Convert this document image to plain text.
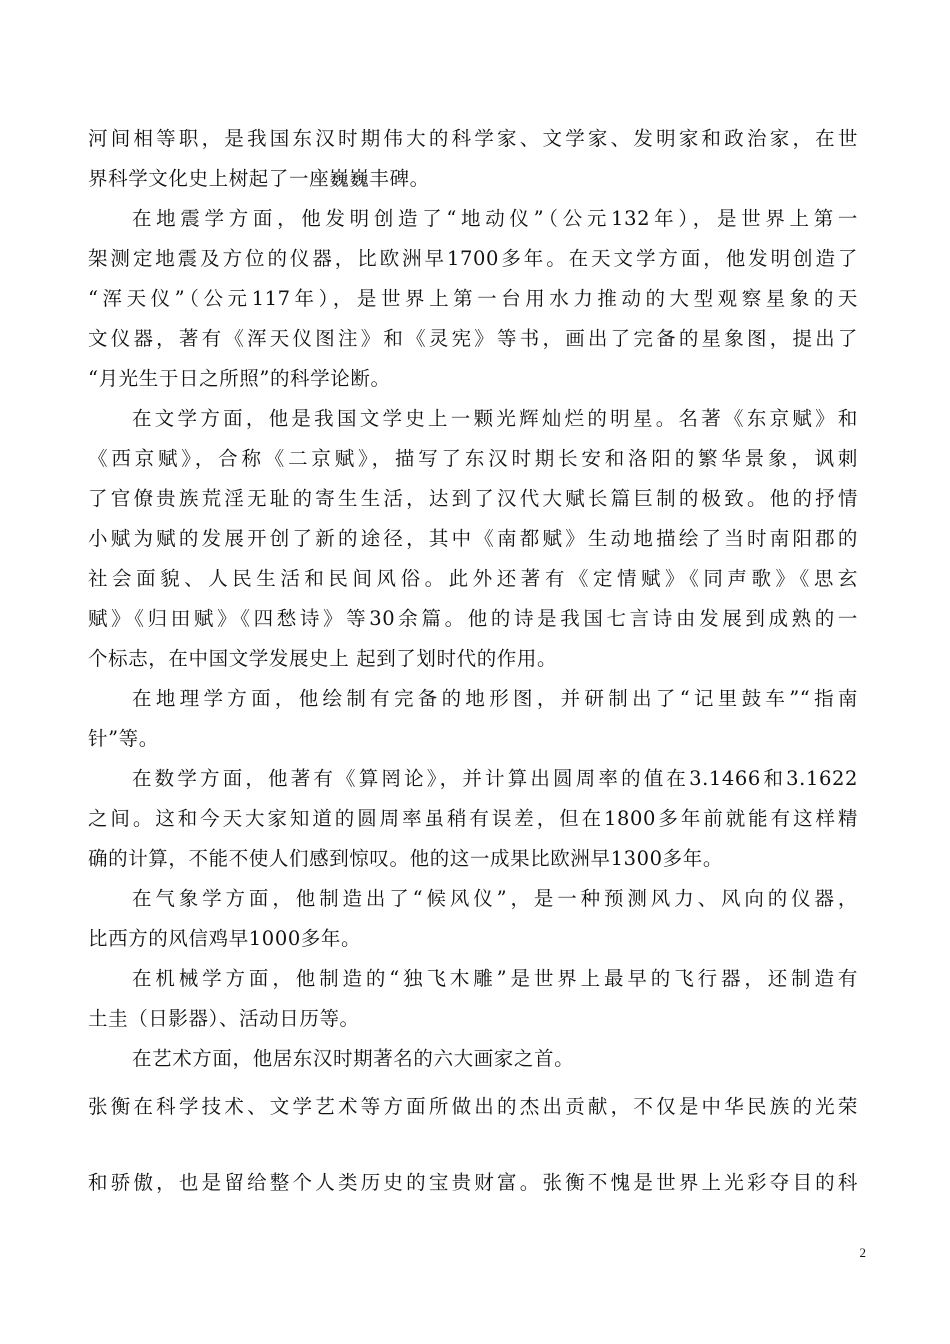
河间相等职，是我国东汉时期伟大的科学家、文学家、发明家和政治家，在世

界科学文化史上树起了一座巍巍丰碑。

在地震学方面，他发明创造了“地动仪”（公元132年），是世界上第一

架测定地震及方位的仪器，比欧洲早1700多年。在天文学方面，他发明创造了

“浑天仪”（公元117年），是世界上第一台用水力推动的大型观察星象的天

文仪器，著有《浑天仪图注》和《灵宪》等书，画出了完备的星象图，提出了

“月光生于日之所照”的科学论断。

在文学方面，他是我国文学史上一颗光辉灿烂的明星。名著《东京赋》和

《西京赋》，合称《二京赋》，描写了东汉时期长安和洛阳的繁华景象，讽刺

了官僚贵族荒淫无耻的寄生生活，达到了汉代大赋长篇巨制的极致。他的抒情

小赋为赋的发展开创了新的途径，其中《南都赋》生动地描绘了当时南阳郡的

社会面貌、人民生活和民间风俗。此外还著有《定情赋》《同声歌》《思玄

赋》《归田赋》《四愁诗》等30余篇。他的诗是我国七言诗由发展到成熟的一

个标志，在中国文学发展史上 起到了划时代的作用。

在地理学方面，他绘制有完备的地形图，并研制出了“记里鼓车”“指南

针”等。

在数学方面，他著有《算罔论》，并计算出圆周率的值在3.1466和3.1622

之间。这和今天大家知道的圆周率虽稍有误差，但在1800多年前就能有这样精

确的计算，不能不使人们感到惊叹。他的这一成果比欧洲早1300多年。

在气象学方面，他制造出了“候风仪”，是一种预测风力、风向的仪器，

比西方的风信鸡早1000多年。

在机械学方面，他制造的“独飞木雕”是世界上最早的飞行器，还制造有

土圭（日影器）、活动日历等。

在艺术方面，他居东汉时期著名的六大画家之首。

张衡在科学技术、文学艺术等方面所做出的杰出贡献，不仅是中华民族的光荣

和骄傲，也是留给整个人类历史的宝贵财富。张衡不愧是世界上光彩夺目的科

2
